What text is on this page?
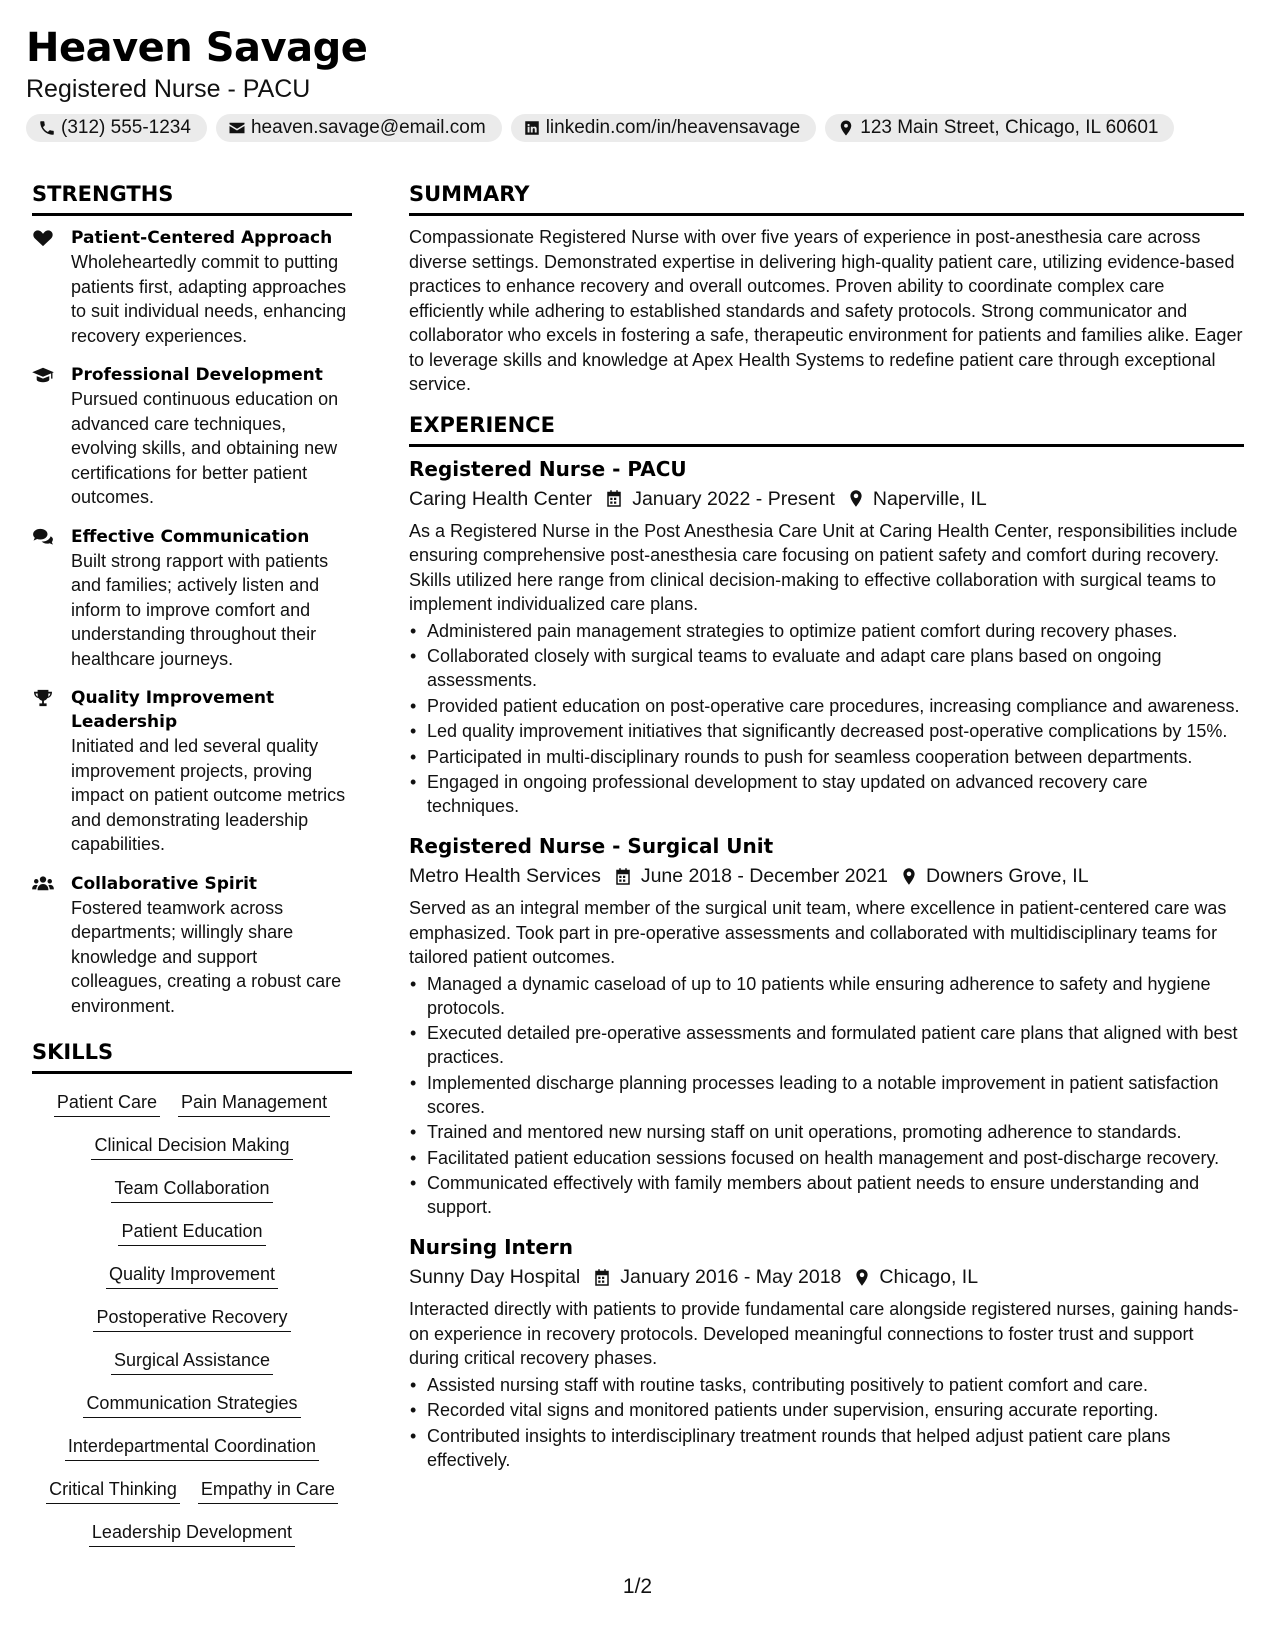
Heaven Savage
Registered Nurse - PACU
(312) 555-1234	heaven.savage@email.com	linkedin.com/in/heavensavage	123 Main Street, Chicago, IL 60601
STRENGTHS
Patient-Centered Approach
Wholeheartedly commit to putting patients first, adapting approaches to suit individual needs, enhancing recovery experiences.
Professional Development
Pursued continuous education on advanced care techniques, evolving skills, and obtaining new certifications for better patient outcomes.
Effective Communication
Built strong rapport with patients and families; actively listen and inform to improve comfort and understanding throughout their healthcare journeys.
Quality Improvement Leadership
Initiated and led several quality improvement projects, proving impact on patient outcome metrics and demonstrating leadership capabilities.
Collaborative Spirit
Fostered teamwork across departments; willingly share knowledge and support colleagues, creating a robust care environment.
SKILLS
Patient Care Pain Management
Clinical Decision Making
Team Collaboration
Patient Education
Quality Improvement
Postoperative Recovery
Surgical Assistance
Communication Strategies
Interdepartmental Coordination
Critical Thinking Empathy in Care
Leadership Development
SUMMARY
Compassionate Registered Nurse with over five years of experience in post-anesthesia care across diverse settings. Demonstrated expertise in delivering high-quality patient care, utilizing evidence-based practices to enhance recovery and overall outcomes. Proven ability to coordinate complex care efficiently while adhering to established standards and safety protocols. Strong communicator and collaborator who excels in fostering a safe, therapeutic environment for patients and families alike. Eager to leverage skills and knowledge at Apex Health Systems to redefine patient care through exceptional service.
EXPERIENCE
Registered Nurse - PACU
Caring Health Center January 2022 - Present Naperville, IL
As a Registered Nurse in the Post Anesthesia Care Unit at Caring Health Center, responsibilities include ensuring comprehensive post-anesthesia care focusing on patient safety and comfort during recovery. Skills utilized here range from clinical decision-making to effective collaboration with surgical teams to implement individualized care plans.
• Administered pain management strategies to optimize patient comfort during recovery phases.
• Collaborated closely with surgical teams to evaluate and adapt care plans based on ongoing assessments.
• Provided patient education on post-operative care procedures, increasing compliance and awareness.
• Led quality improvement initiatives that significantly decreased post-operative complications by 15%.
• Participated in multi-disciplinary rounds to push for seamless cooperation between departments.
• Engaged in ongoing professional development to stay updated on advanced recovery care techniques.
Registered Nurse - Surgical Unit
Metro Health Services June 2018 - December 2021 Downers Grove, IL
Served as an integral member of the surgical unit team, where excellence in patient-centered care was emphasized. Took part in pre-operative assessments and collaborated with multidisciplinary teams for tailored patient outcomes.
• Managed a dynamic caseload of up to 10 patients while ensuring adherence to safety and hygiene protocols.
• Executed detailed pre-operative assessments and formulated patient care plans that aligned with best practices.
• Implemented discharge planning processes leading to a notable improvement in patient satisfaction scores.
• Trained and mentored new nursing staff on unit operations, promoting adherence to standards.
• Facilitated patient education sessions focused on health management and post-discharge recovery.
• Communicated effectively with family members about patient needs to ensure understanding and support.
Nursing Intern
Sunny Day Hospital January 2016 - May 2018 Chicago, IL
Interacted directly with patients to provide fundamental care alongside registered nurses, gaining hands-on experience in recovery protocols. Developed meaningful connections to foster trust and support during critical recovery phases.
• Assisted nursing staff with routine tasks, contributing positively to patient comfort and care.
• Recorded vital signs and monitored patients under supervision, ensuring accurate reporting.
• Contributed insights to interdisciplinary treatment rounds that helped adjust patient care plans effectively.
1/2
